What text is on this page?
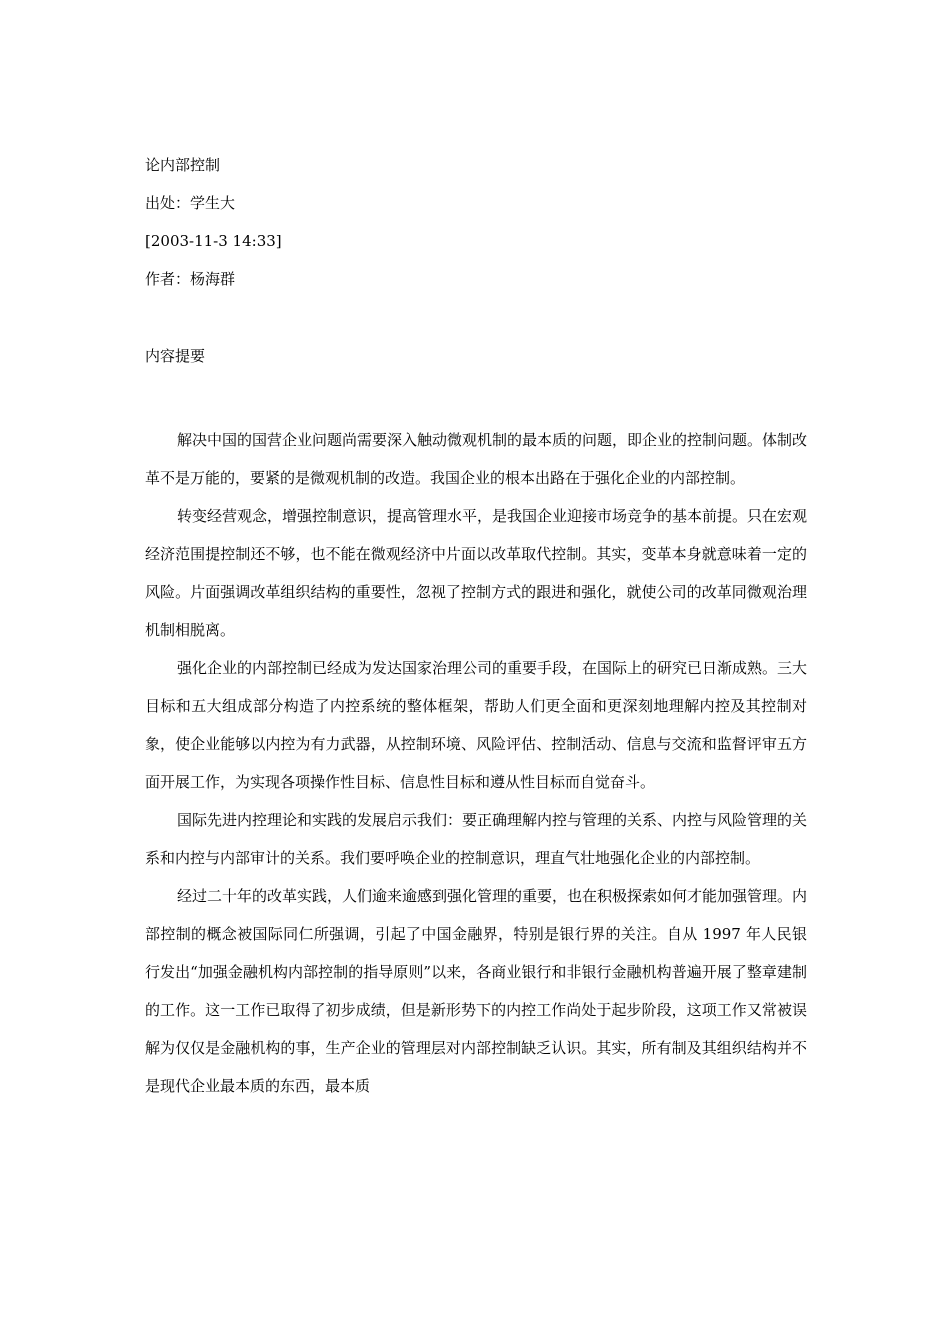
论内部控制
出处：学生大
[2003-11-3 14:33]
作者：杨海群
内容提要

解决中国的国营企业问题尚需要深入触动微观机制的最本质的问题，即企业的控制问题。体制改革不是万能的，要紧的是微观机制的改造。我国企业的根本出路在于强化企业的内部控制。

转变经营观念，增强控制意识，提高管理水平，是我国企业迎接市场竞争的基本前提。只在宏观经济范围提控制还不够，也不能在微观经济中片面以改革取代控制。其实，变革本身就意味着一定的风险。片面强调改革组织结构的重要性，忽视了控制方式的跟进和强化，就使公司的改革同微观治理机制相脱离。

强化企业的内部控制已经成为发达国家治理公司的重要手段，在国际上的研究已日渐成熟。三大目标和五大组成部分构造了内控系统的整体框架，帮助人们更全面和更深刻地理解内控及其控制对象，使企业能够以内控为有力武器，从控制环境、风险评估、控制活动、信息与交流和监督评审五方面开展工作，为实现各项操作性目标、信息性目标和遵从性目标而自觉奋斗。

国际先进内控理论和实践的发展启示我们：要正确理解内控与管理的关系、内控与风险管理的关系和内控与内部审计的关系。我们要呼唤企业的控制意识，理直气壮地强化企业的内部控制。

经过二十年的改革实践，人们逾来逾感到强化管理的重要，也在积极探索如何才能加强管理。内部控制的概念被国际同仁所强调，引起了中国金融界，特别是银行界的关注。自从 1997 年人民银行发出“加强金融机构内部控制的指导原则”以来，各商业银行和非银行金融机构普遍开展了整章建制的工作。这一工作已取得了初步成绩，但是新形势下的内控工作尚处于起步阶段，这项工作又常被误解为仅仅是金融机构的事，生产企业的管理层对内部控制缺乏认识。其实，所有制及其组织结构并不是现代企业最本质的东西，最本质
